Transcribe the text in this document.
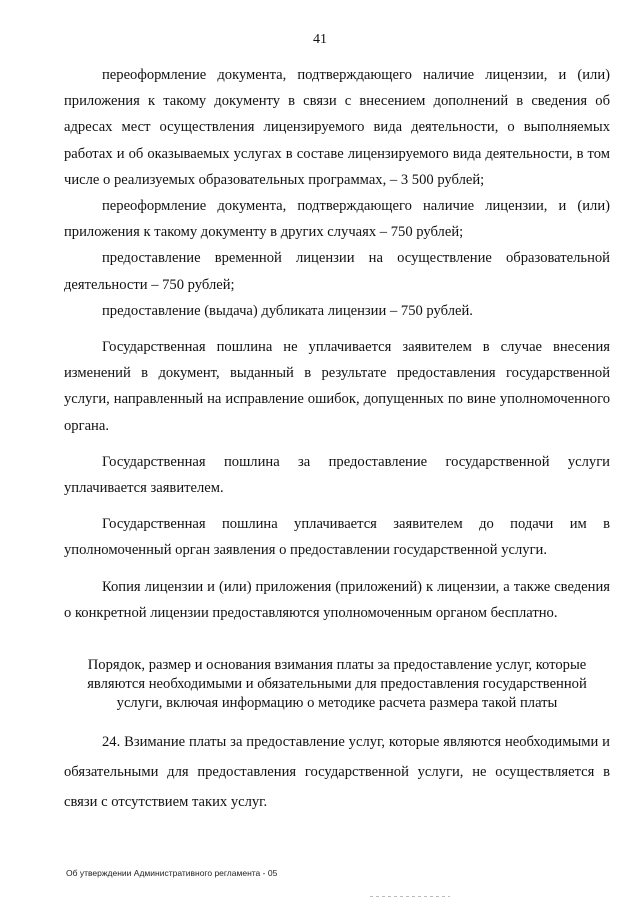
41

переоформление документа, подтверждающего наличие лицензии, и (или) приложения к такому документу в связи с внесением дополнений в сведения об адресах мест осуществления лицензируемого вида деятельности, о выполняемых работах и об оказываемых услугах в составе лицензируемого вида деятельности, в том числе о реализуемых образовательных программах, – 3 500 рублей;

переоформление документа, подтверждающего наличие лицензии, и (или) приложения к такому документу в других случаях – 750 рублей;

предоставление временной лицензии на осуществление образовательной деятельности – 750 рублей;

предоставление (выдача) дубликата лицензии – 750 рублей.

Государственная пошлина не уплачивается заявителем в случае внесения изменений в документ, выданный в результате предоставления государственной услуги, направленный на исправление ошибок, допущенных по вине уполномоченного органа.

Государственная пошлина за предоставление государственной услуги уплачивается заявителем.

Государственная пошлина уплачивается заявителем до подачи им в уполномоченный орган заявления о предоставлении государственной услуги.

Копия лицензии и (или) приложения (приложений) к лицензии, а также сведения о конкретной лицензии предоставляются уполномоченным органом бесплатно.

Порядок, размер и основания взимания платы за предоставление услуг, которые являются необходимыми и обязательными для предоставления государственной услуги, включая информацию о методике расчета размера такой платы

24. Взимание платы за предоставление услуг, которые являются необходимыми и обязательными для предоставления государственной услуги, не осуществляется в связи с отсутствием таких услуг.

Об утверждении Административного регламента - 05
